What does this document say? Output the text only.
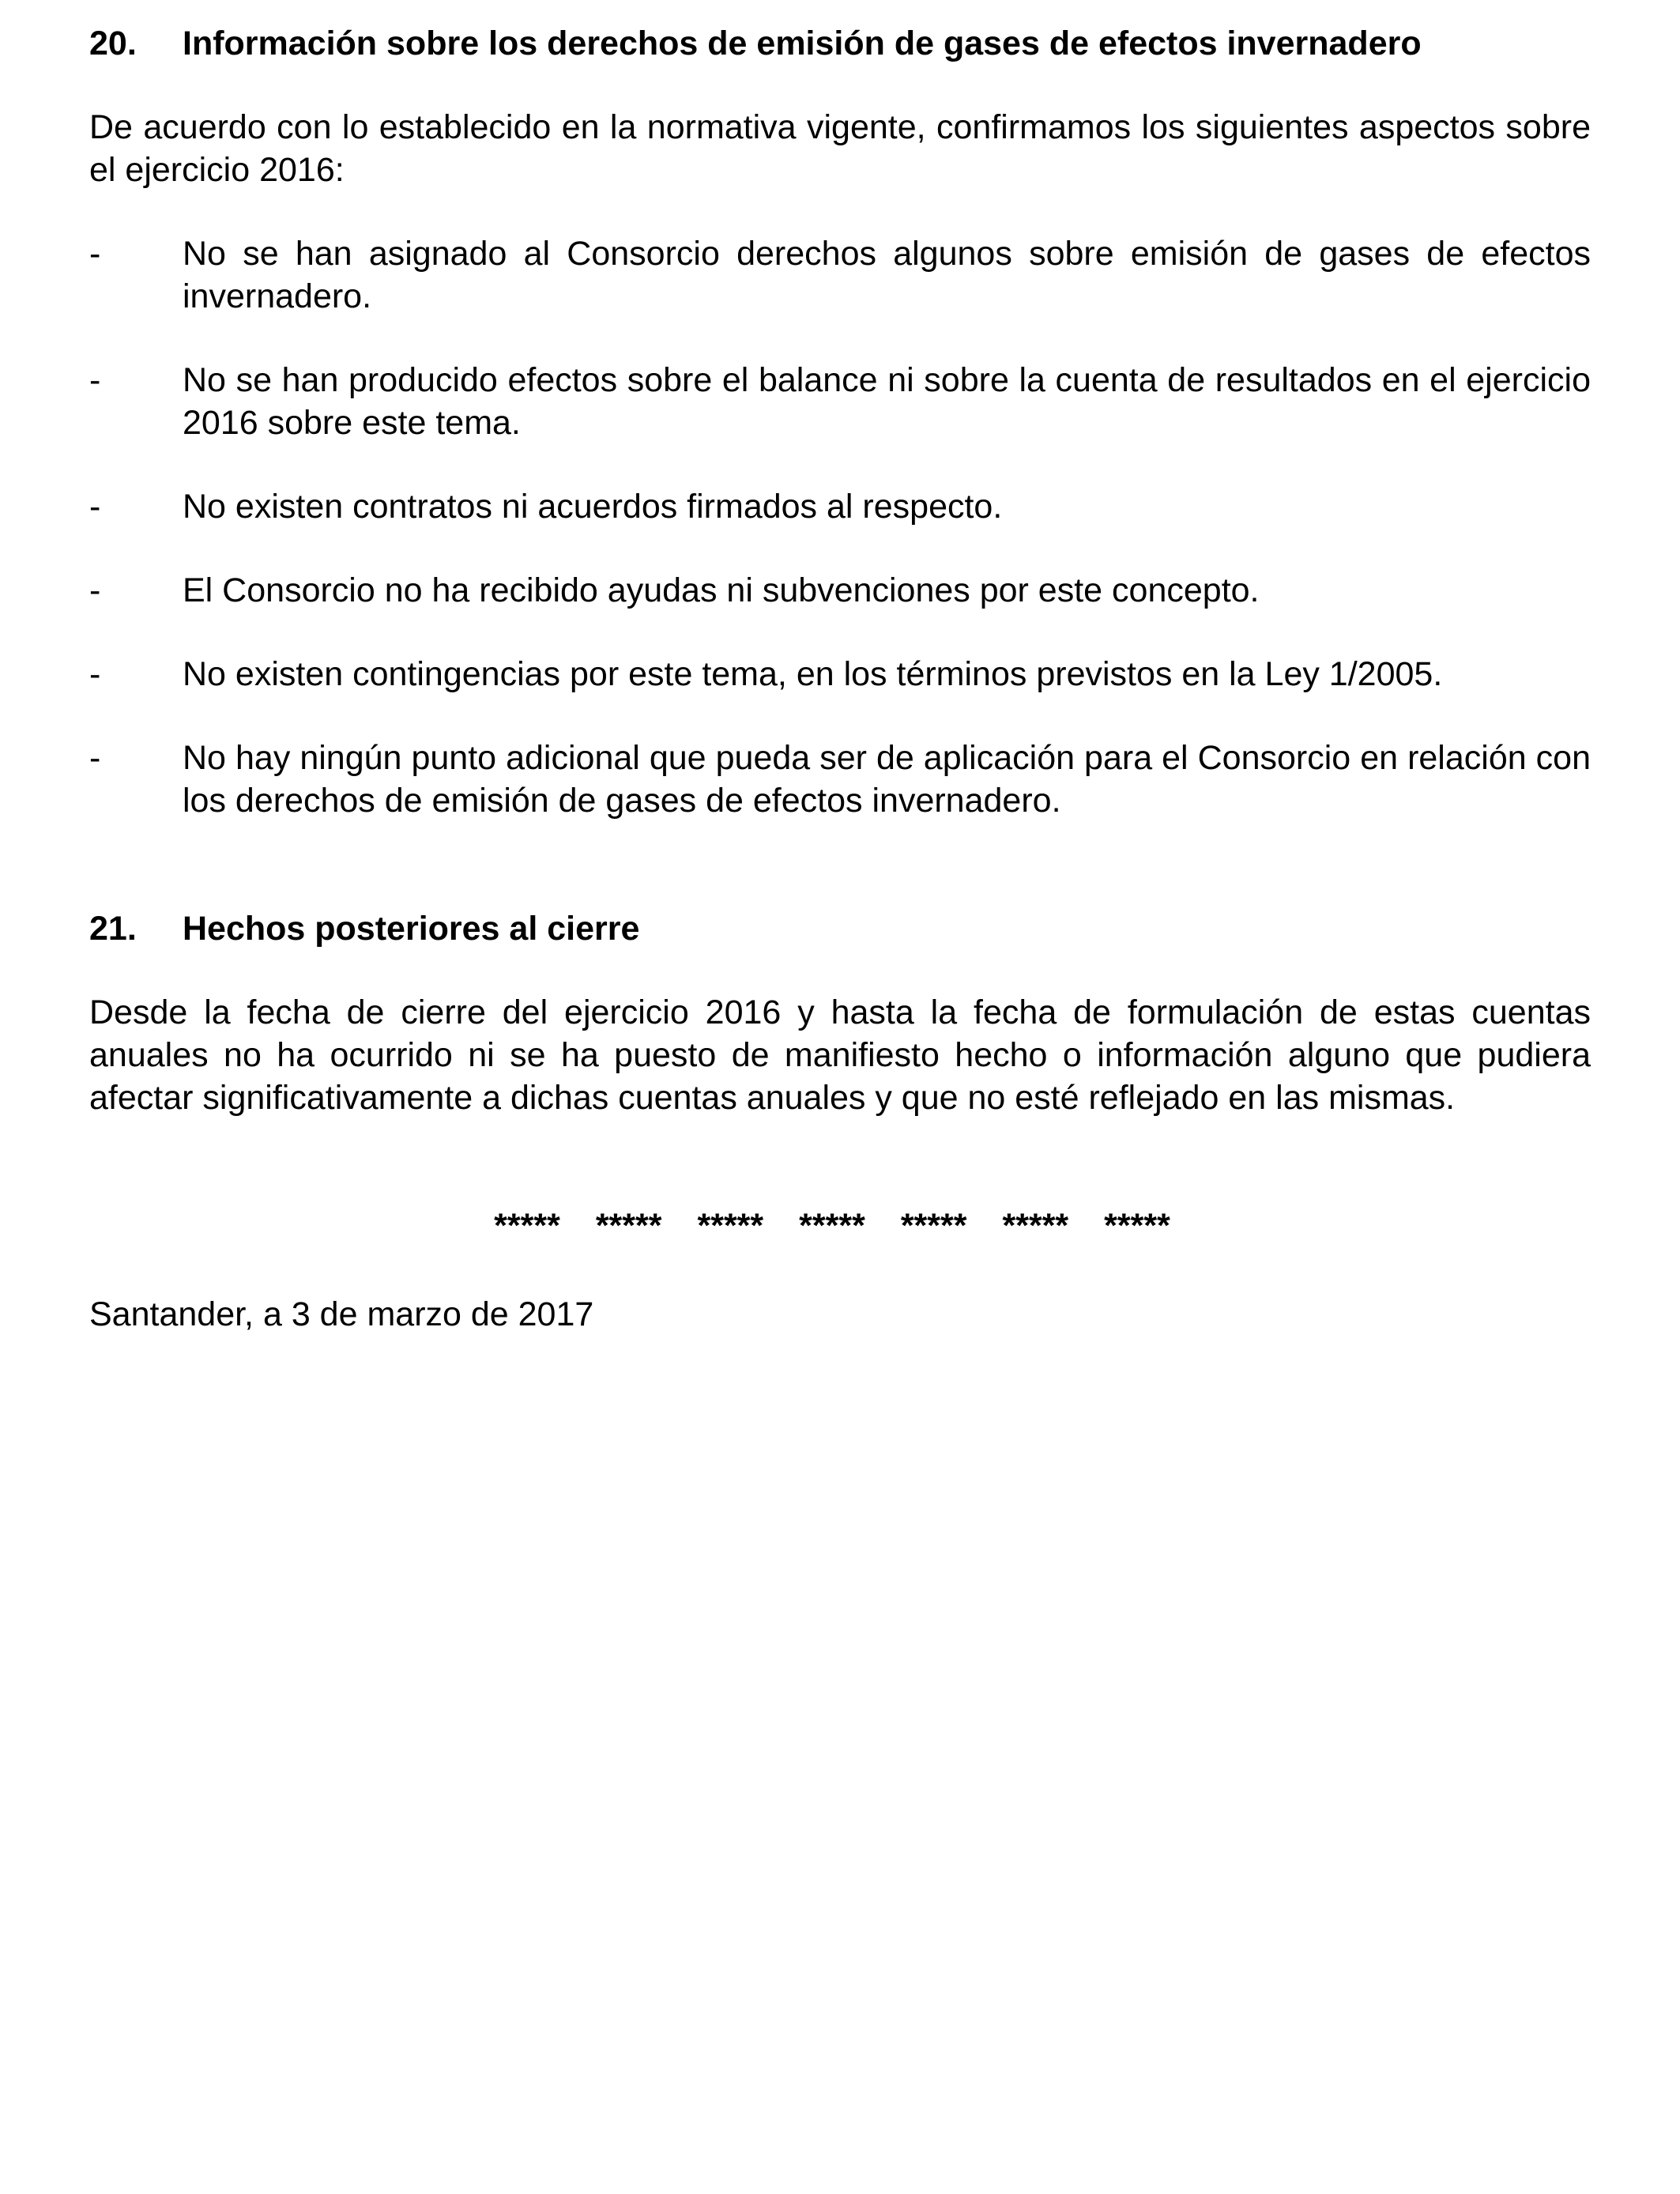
20.	Información sobre los derechos de emisión de gases de efectos invernadero

De acuerdo con lo establecido en la normativa vigente, confirmamos los siguientes aspectos sobre el ejercicio 2016:

-	No se han asignado al Consorcio derechos algunos sobre emisión de gases de efectos invernadero.
-	No se han producido efectos sobre el balance ni sobre la cuenta de resultados en el ejercicio 2016 sobre este tema.
-	No existen contratos ni acuerdos firmados al respecto.
-	El Consorcio no ha recibido ayudas ni subvenciones por este concepto.
-	No existen contingencias por este tema, en los términos previstos en la Ley 1/2005.
-	No hay ningún punto adicional que pueda ser de aplicación para el Consorcio en relación con los derechos de emisión de gases de efectos invernadero.
21.	Hechos posteriores al cierre

Desde la fecha de cierre del ejercicio 2016 y hasta la fecha de formulación de estas cuentas anuales no ha ocurrido ni se ha puesto de manifiesto hecho o información alguno que pudiera afectar significativamente a dichas cuentas anuales y que no esté reflejado en las mismas.

***** ***** ***** ***** ***** ***** *****

Santander, a 3 de marzo de 2017
